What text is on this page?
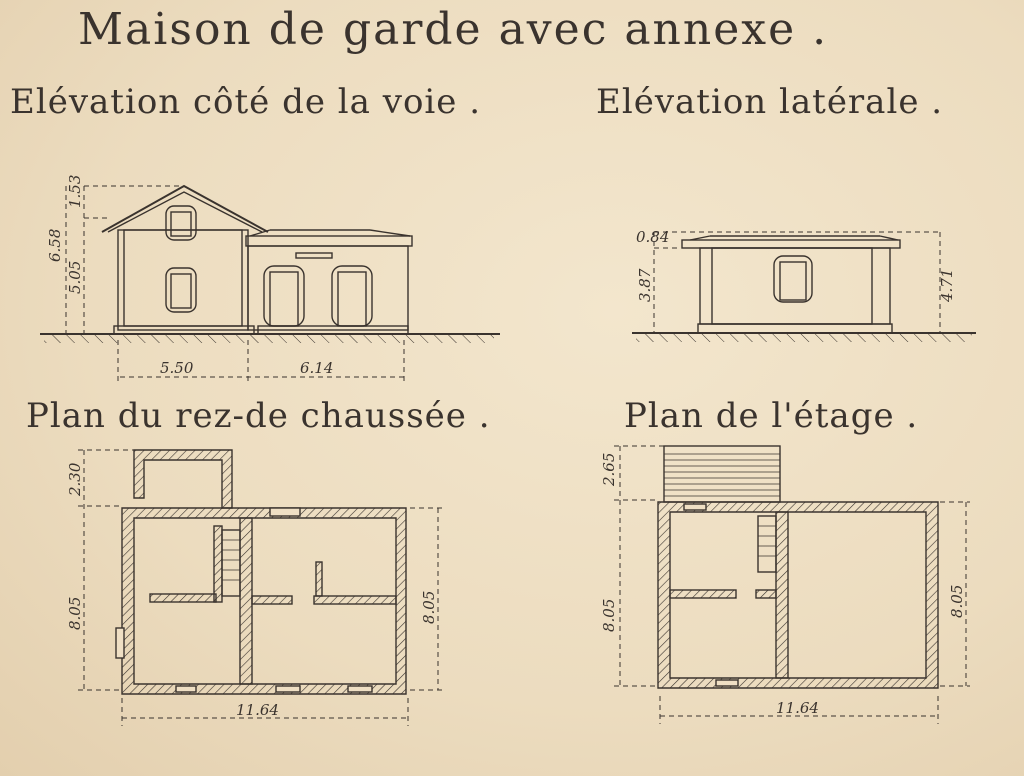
Maison de garde avec annexe .
Elévation côté de la voie .	Elévation latérale .
Plan du rez-de chaussée .	Plan de l'étage .
6.58
1.53
5.05
5.50	6.14
0.84
3.87	4.71
2.30
8.05	8.05
11.64
2.65
8.05	8.05
11.64
